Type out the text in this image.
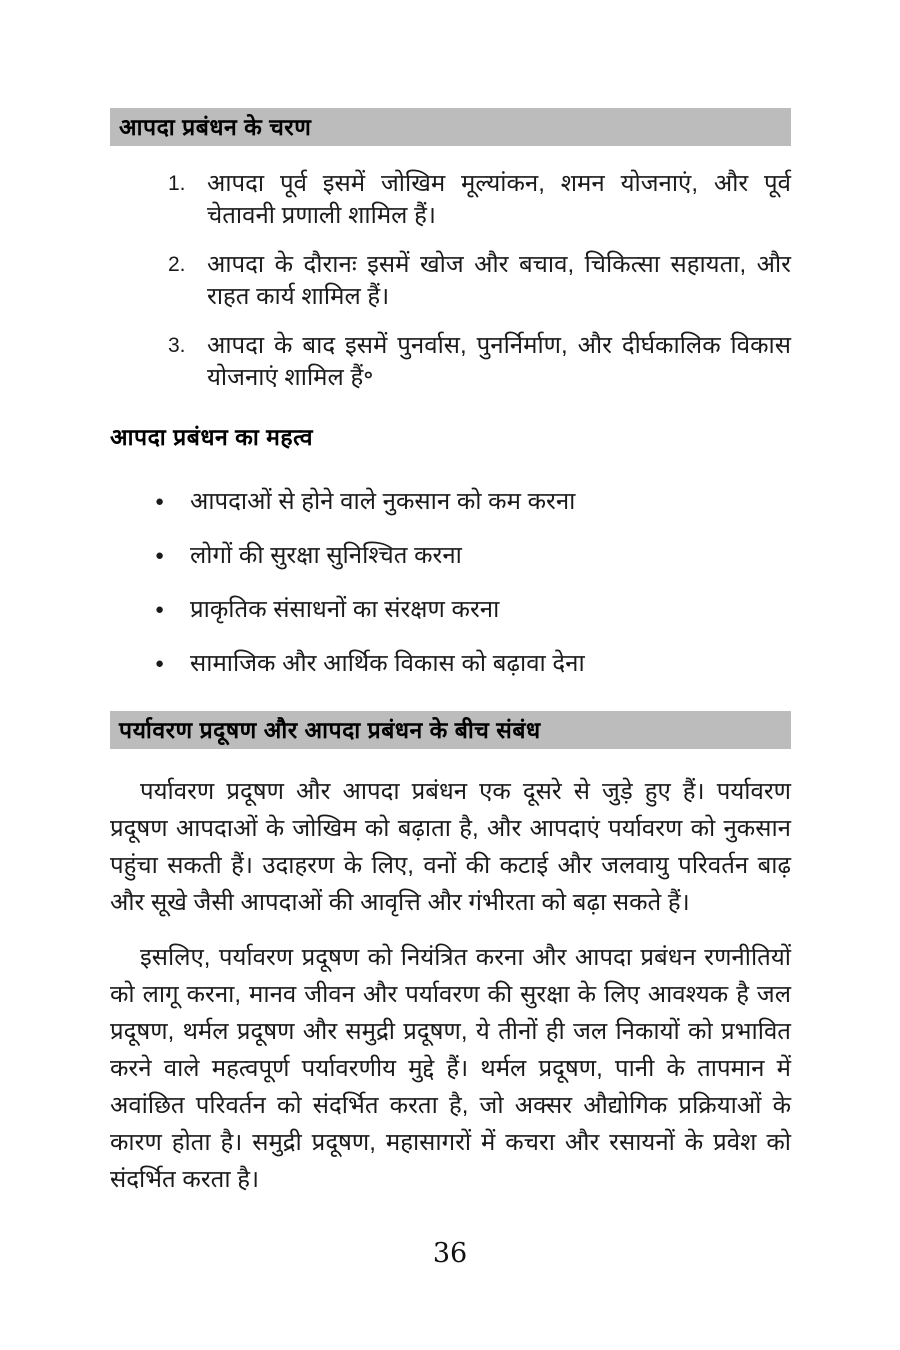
आपदा प्रबंधन के चरण
1. आपदा पूर्व इसमें जोखिम मूल्यांकन, शमन योजनाएं, और पूर्व चेतावनी प्रणाली शामिल हैं।
2. आपदा के दौरानः इसमें खोज और बचाव, चिकित्सा सहायता, और राहत कार्य शामिल हैं।
3. आपदा के बाद इसमें पुनर्वास, पुनर्निर्माण, और दीर्घकालिक विकास योजनाएं शामिल हैं॰
आपदा प्रबंधन का महत्व
●	आपदाओं से होने वाले नुकसान को कम करना
●	लोगों की सुरक्षा सुनिश्चित करना
●	प्राकृतिक संसाधनों का संरक्षण करना
●	सामाजिक और आर्थिक विकास को बढ़ावा देना
पर्यावरण प्रदूषण और आपदा प्रबंधन के बीच संबंध

पर्यावरण प्रदूषण और आपदा प्रबंधन एक दूसरे से जुड़े हुए हैं। पर्यावरण प्रदूषण आपदाओं के जोखिम को बढ़ाता है, और आपदाएं पर्यावरण को नुकसान पहुंचा सकती हैं। उदाहरण के लिए, वनों की कटाई और जलवायु परिवर्तन बाढ़ और सूखे जैसी आपदाओं की आवृत्ति और गंभीरता को बढ़ा सकते हैं।

इसलिए, पर्यावरण प्रदूषण को नियंत्रित करना और आपदा प्रबंधन रणनीतियों को लागू करना, मानव जीवन और पर्यावरण की सुरक्षा के लिए आवश्यक है जल प्रदूषण, थर्मल प्रदूषण और समुद्री प्रदूषण, ये तीनों ही जल निकायों को प्रभावित करने वाले महत्वपूर्ण पर्यावरणीय मुद्दे हैं। थर्मल प्रदूषण, पानी के तापमान में अवांछित परिवर्तन को संदर्भित करता है, जो अक्सर औद्योगिक प्रक्रियाओं के कारण होता है। समुद्री प्रदूषण, महासागरों में कचरा और रसायनों के प्रवेश को संदर्भित करता है।

36
